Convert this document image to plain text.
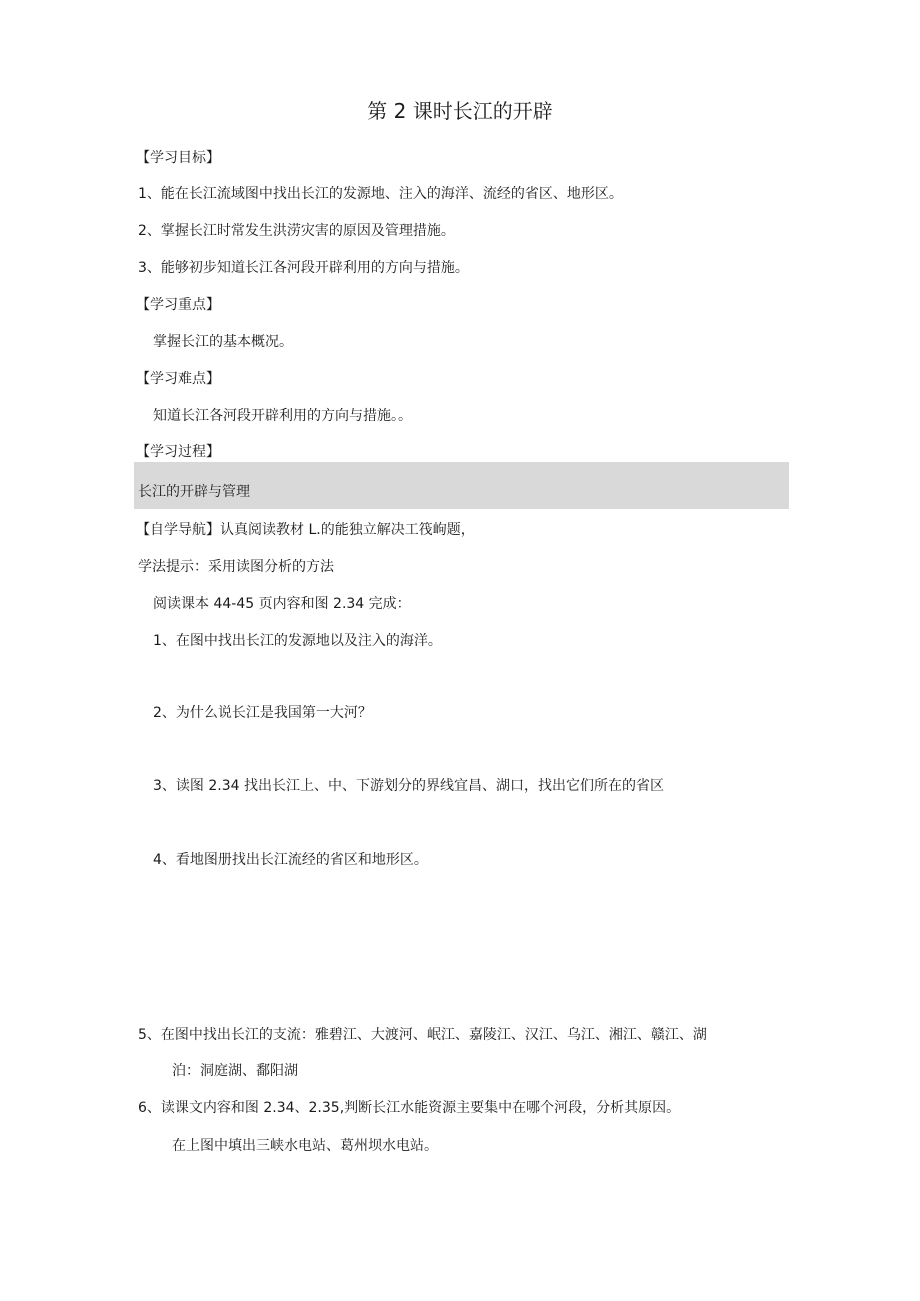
第 2 课时长江的开辟
【学习目标】
1、能在长江流域图中找出长江的发源地、注入的海洋、流经的省区、地形区。
2、掌握长江时常发生洪涝灾害的原因及管理措施。
3、能够初步知道长江各河段开辟利用的方向与措施。
【学习重点】
掌握长江的基本概况。
【学习难点】
知道长江各河段开辟利用的方向与措施。。
【学习过程】
长江的开辟与管理
【自学导航】认真阅读教材 L.的能独立解决工筏岣题，
学法提示：采用读图分析的方法
阅读课本 44-45 页内容和图 2.34 完成：
1、在图中找出长江的发源地以及注入的海洋。
2、为什么说长江是我国第一大河？
3、读图 2.34 找出长江上、中、下游划分的界线宜昌、湖口，找出它们所在的省区
4、看地图册找出长江流经的省区和地形区。
5、在图中找出长江的支流：雅碧江、大渡河、岷江、嘉陵江、汉江、乌江、湘江、赣江、湖
泊：洞庭湖、鄱阳湖
6、读课文内容和图 2.34、2.35,判断长江水能资源主要集中在哪个河段，分析其原因。
在上图中填出三峡水电站、葛州坝水电站。
